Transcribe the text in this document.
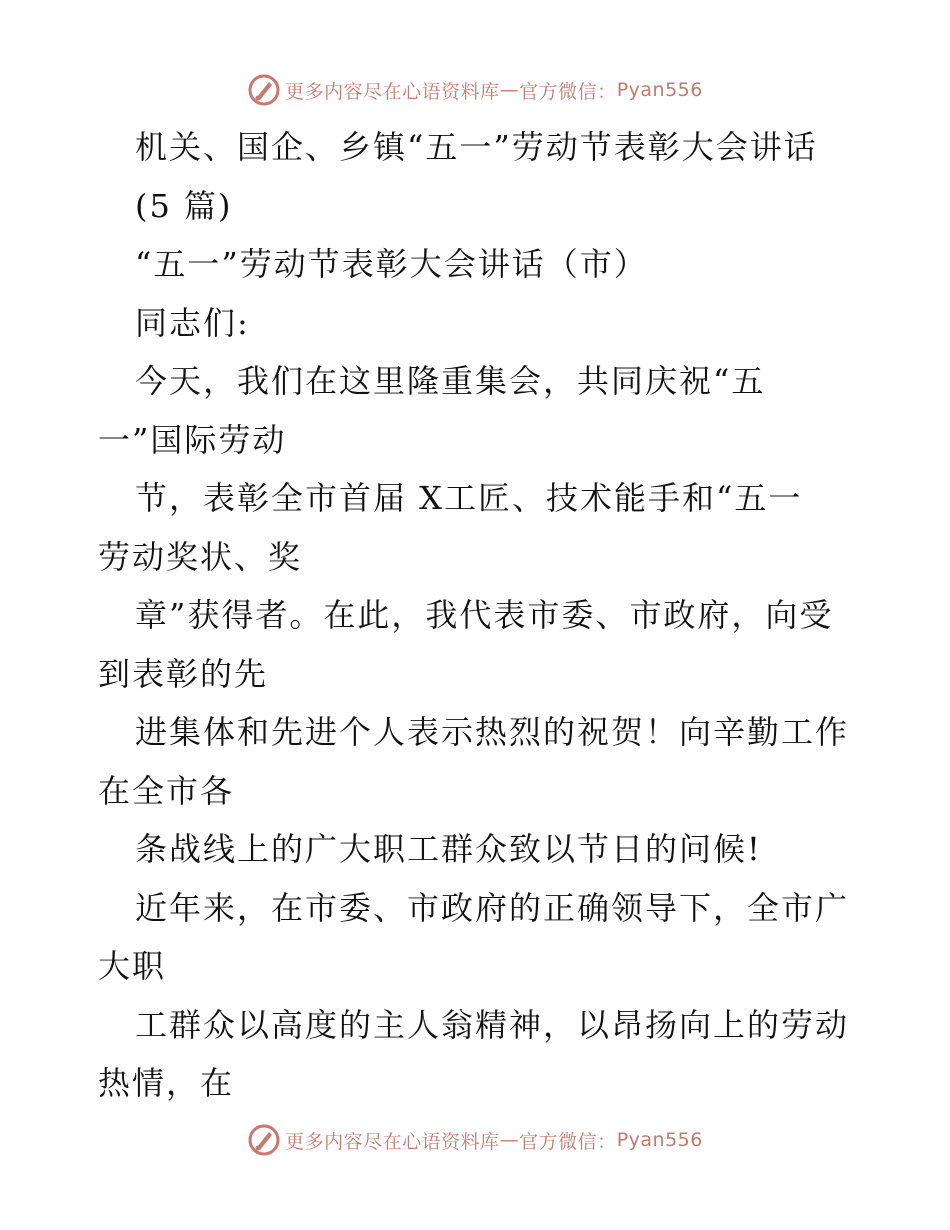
更多内容尽在心语资料库 — 官方微信： Pyan556
机关、国企、乡镇“五一”劳动节表彰大会讲话
(5 篇)
“五一”劳动节表彰大会讲话（市）
同志们:
今天，我们在这里隆重集会，共同庆祝“五
一”国际劳动
节，表彰全市首届 X工匠、技术能手和“五一
劳动奖状、奖
章”获得者。在此，我代表市委、市政府，向受
到表彰的先
进集体和先进个人表示热烈的祝贺！向辛勤工作
在全市各
条战线上的广大职工群众致以节日的问候!
近年来，在市委、市政府的正确领导下，全市广
大职
工群众以高度的主人翁精神，以昂扬向上的劳动
热情，在
更多内容尽在心语资料库 — 官方微信： Pyan556
